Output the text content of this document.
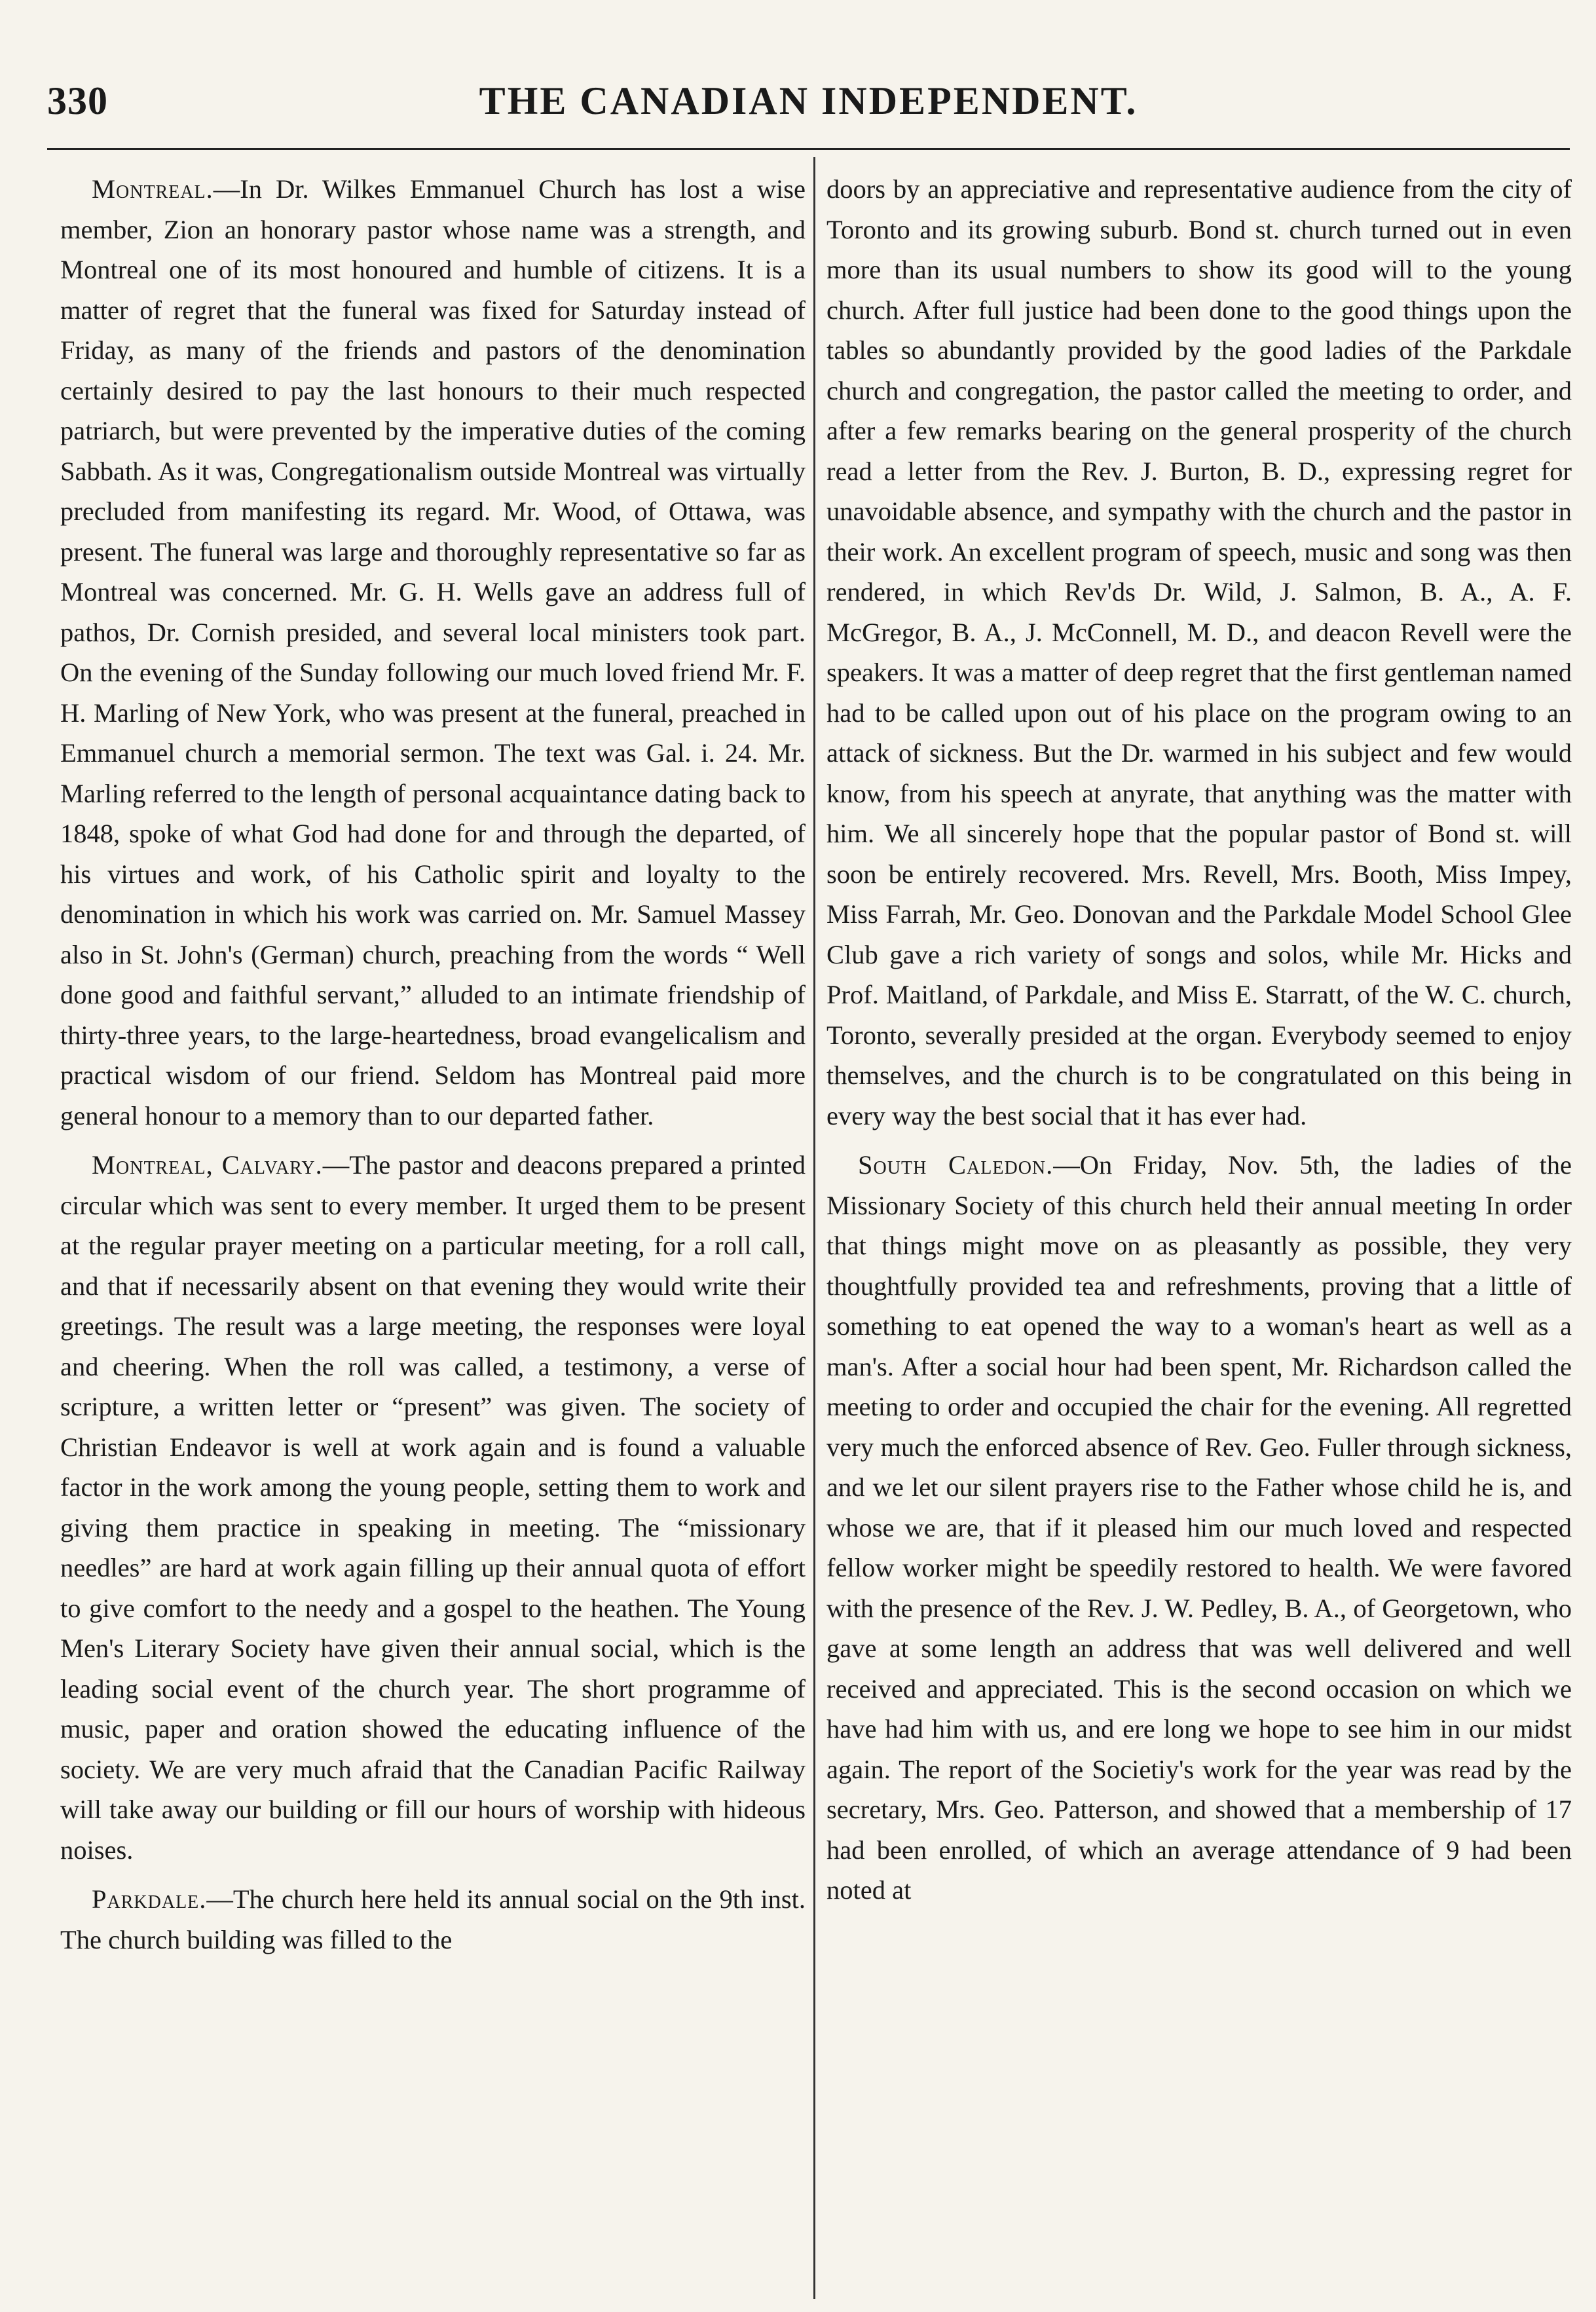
330	THE CANADIAN INDEPENDENT.

Montreal.—In Dr. Wilkes Emmanuel Church has lost a wise member, Zion an honorary pastor whose name was a strength, and Montreal one of its most honoured and humble of citizens. It is a matter of regret that the funeral was fixed for Saturday instead of Friday, as many of the friends and pastors of the denomination certainly desired to pay the last honours to their much respected patriarch, but were prevented by the imperative duties of the coming Sabbath. As it was, Congregationalism outside Montreal was virtually precluded from manifesting its regard. Mr. Wood, of Ottawa, was present. The funeral was large and thoroughly representative so far as Montreal was concerned. Mr. G. H. Wells gave an address full of pathos, Dr. Cornish presided, and several local ministers took part. On the evening of the Sunday following our much loved friend Mr. F. H. Marling of New York, who was present at the funeral, preached in Emmanuel church a memorial sermon. The text was Gal. i. 24. Mr. Marling referred to the length of personal acquaintance dating back to 1848, spoke of what God had done for and through the departed, of his virtues and work, of his Catholic spirit and loyalty to the denomination in which his work was carried on. Mr. Samuel Massey also in St. John's (German) church, preaching from the words “ Well done good and faithful servant,” alluded to an intimate friendship of thirty-three years, to the large-heartedness, broad evangelicalism and practical wisdom of our friend. Seldom has Montreal paid more general honour to a memory than to our departed father.

Montreal, Calvary.—The pastor and deacons prepared a printed circular which was sent to every member. It urged them to be present at the regular prayer meeting on a particular meeting, for a roll call, and that if necessarily absent on that evening they would write their greetings. The result was a large meeting, the responses were loyal and cheering. When the roll was called, a testimony, a verse of scripture, a written letter or “present” was given. The society of Christian Endeavor is well at work again and is found a valuable factor in the work among the young people, setting them to work and giving them practice in speaking in meeting. The “missionary needles” are hard at work again filling up their annual quota of effort to give comfort to the needy and a gospel to the heathen. The Young Men's Literary Society have given their annual social, which is the leading social event of the church year. The short programme of music, paper and oration showed the educating influence of the society. We are very much afraid that the Canadian Pacific Railway will take away our building or fill our hours of worship with hideous noises.

Parkdale.—The church here held its annual social on the 9th inst. The church building was filled to the

doors by an appreciative and representative audience from the city of Toronto and its growing suburb. Bond st. church turned out in even more than its usual numbers to show its good will to the young church. After full justice had been done to the good things upon the tables so abundantly provided by the good ladies of the Parkdale church and congregation, the pastor called the meeting to order, and after a few remarks bearing on the general prosperity of the church read a letter from the Rev. J. Burton, B. D., expressing regret for unavoidable absence, and sympathy with the church and the pastor in their work. An excellent program of speech, music and song was then rendered, in which Rev'ds Dr. Wild, J. Salmon, B. A., A. F. McGregor, B. A., J. McConnell, M. D., and deacon Revell were the speakers. It was a matter of deep regret that the first gentleman named had to be called upon out of his place on the program owing to an attack of sickness. But the Dr. warmed in his subject and few would know, from his speech at anyrate, that anything was the matter with him. We all sincerely hope that the popular pastor of Bond st. will soon be entirely recovered. Mrs. Revell, Mrs. Booth, Miss Impey, Miss Farrah, Mr. Geo. Donovan and the Parkdale Model School Glee Club gave a rich variety of songs and solos, while Mr. Hicks and Prof. Maitland, of Parkdale, and Miss E. Starratt, of the W. C. church, Toronto, severally presided at the organ. Everybody seemed to enjoy themselves, and the church is to be congratulated on this being in every way the best social that it has ever had.

South Caledon.—On Friday, Nov. 5th, the ladies of the Missionary Society of this church held their annual meeting In order that things might move on as pleasantly as possible, they very thoughtfully provided tea and refreshments, proving that a little of something to eat opened the way to a woman's heart as well as a man's. After a social hour had been spent, Mr. Richardson called the meeting to order and occupied the chair for the evening. All regretted very much the enforced absence of Rev. Geo. Fuller through sickness, and we let our silent prayers rise to the Father whose child he is, and whose we are, that if it pleased him our much loved and respected fellow worker might be speedily restored to health. We were favored with the presence of the Rev. J. W. Pedley, B. A., of Georgetown, who gave at some length an address that was well delivered and well received and appreciated. This is the second occasion on which we have had him with us, and ere long we hope to see him in our midst again. The report of the Societiy's work for the year was read by the secretary, Mrs. Geo. Patterson, and showed that a membership of 17 had been enrolled, of which an average attendance of 9 had been noted at
